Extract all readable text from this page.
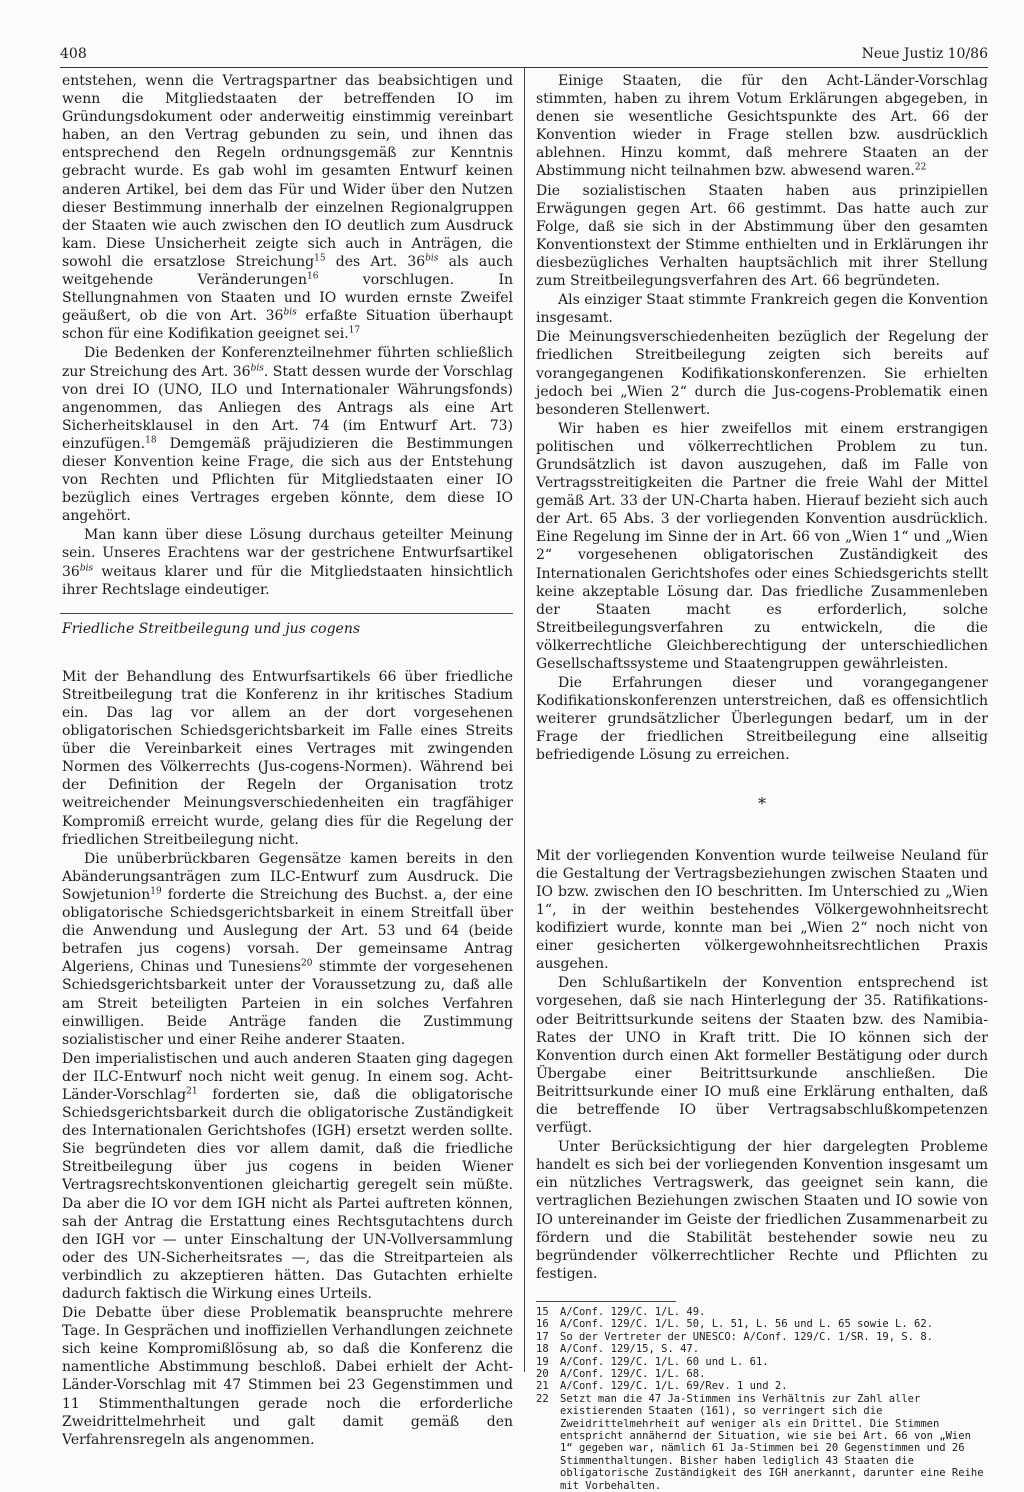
408	Neue Justiz 10/86

entstehen, wenn die Vertragspartner das beabsichtigen und wenn die Mitgliedstaaten der betreffenden IO im Gründungsdokument oder anderweitig einstimmig vereinbart haben, an den Vertrag gebunden zu sein, und ihnen das entsprechend den Regeln ordnungsgemäß zur Kenntnis gebracht wurde. Es gab wohl im gesamten Entwurf keinen anderen Artikel, bei dem das Für und Wider über den Nutzen dieser Bestimmung innerhalb der einzelnen Regionalgruppen der Staaten wie auch zwischen den IO deutlich zum Ausdruck kam. Diese Unsicherheit zeigte sich auch in Anträgen, die sowohl die ersatzlose Streichung$^{15}$ des Art. $36^{bis}$ als auch weitgehende Veränderungen$^{16}$ vorschlugen. In Stellungnahmen von Staaten und IO wurden ernste Zweifel geäußert, ob die von Art. $36^{bis}$ erfaßte Situation überhaupt schon für eine Kodifikation geeignet sei.$^{17}$

Die Bedenken der Konferenzteilnehmer führten schließlich zur Streichung des Art. $36^{bis}$. Statt dessen wurde der Vorschlag von drei IO (UNO, ILO und Internationaler Währungsfonds) angenommen, das Anliegen des Antrags als eine Art Sicherheitsklausel in den Art. 74 (im Entwurf Art. 73) einzufügen.$^{18}$ Demgemäß präjudizieren die Bestimmungen dieser Konvention keine Frage, die sich aus der Entstehung von Rechten und Pflichten für Mitgliedstaaten einer IO bezüglich eines Vertrages ergeben könnte, dem diese IO angehört.

Man kann über diese Lösung durchaus geteilter Meinung sein. Unseres Erachtens war der gestrichene Entwurfsartikel $36^{bis}$ weitaus klarer und für die Mitgliedstaaten hinsichtlich ihrer Rechtslage eindeutiger.

Friedliche Streitbeilegung und jus cogens

Mit der Behandlung des Entwurfsartikels 66 über friedliche Streitbeilegung trat die Konferenz in ihr kritisches Stadium ein. Das lag vor allem an der dort vorgesehenen obligatorischen Schiedsgerichtsbarkeit im Falle eines Streits über die Vereinbarkeit eines Vertrages mit zwingenden Normen des Völkerrechts (Jus-cogens-Normen). Während bei der Definition der Regeln der Organisation trotz weitreichender Meinungsverschiedenheiten ein tragfähiger Kompromiß erreicht wurde, gelang dies für die Regelung der friedlichen Streitbeilegung nicht.

Die unüberbrückbaren Gegensätze kamen bereits in den Abänderungsanträgen zum ILC-Entwurf zum Ausdruck. Die Sowjetunion$^{19}$ forderte die Streichung des Buchst. a, der eine obligatorische Schiedsgerichtsbarkeit in einem Streitfall über die Anwendung und Auslegung der Art. 53 und 64 (beide betrafen jus cogens) vorsah. Der gemeinsame Antrag Algeriens, Chinas und Tunesiens$^{20}$ stimmte der vorgesehenen Schiedsgerichtsbarkeit unter der Voraussetzung zu, daß alle am Streit beteiligten Parteien in ein solches Verfahren einwilligen. Beide Anträge fanden die Zustimmung sozialistischer und einer Reihe anderer Staaten.

Den imperialistischen und auch anderen Staaten ging dagegen der ILC-Entwurf noch nicht weit genug. In einem sog. Acht-Länder-Vorschlag$^{21}$ forderten sie, daß die obligatorische Schiedsgerichtsbarkeit durch die obligatorische Zuständigkeit des Internationalen Gerichtshofes (IGH) ersetzt werden sollte. Sie begründeten dies vor allem damit, daß die friedliche Streitbeilegung über jus cogens in beiden Wiener Vertragsrechtskonventionen gleichartig geregelt sein müßte. Da aber die IO vor dem IGH nicht als Partei auftreten können, sah der Antrag die Erstattung eines Rechtsgutachtens durch den IGH vor — unter Einschaltung der UN-Vollversammlung oder des UN-Sicherheitsrates —, das die Streitparteien als verbindlich zu akzeptieren hätten. Das Gutachten erhielte dadurch faktisch die Wirkung eines Urteils.

Die Debatte über diese Problematik beanspruchte mehrere Tage. In Gesprächen und inoffiziellen Verhandlungen zeichnete sich keine Kompromißlösung ab, so daß die Konferenz die namentliche Abstimmung beschloß. Dabei erhielt der Acht-Länder-Vorschlag mit 47 Stimmen bei 23 Gegenstimmen und 11 Stimmenthaltungen gerade noch die erforderliche Zweidrittelmehrheit und galt damit gemäß den Verfahrensregeln als angenommen.

Einige Staaten, die für den Acht-Länder-Vorschlag stimmten, haben zu ihrem Votum Erklärungen abgegeben, in denen sie wesentliche Gesichtspunkte des Art. 66 der Konvention wieder in Frage stellen bzw. ausdrücklich ablehnen. Hinzu kommt, daß mehrere Staaten an der Abstimmung nicht teilnahmen bzw. abwesend waren.$^{22}$

Die sozialistischen Staaten haben aus prinzipiellen Erwägungen gegen Art. 66 gestimmt. Das hatte auch zur Folge, daß sie sich in der Abstimmung über den gesamten Konventionstext der Stimme enthielten und in Erklärungen ihr diesbezügliches Verhalten hauptsächlich mit ihrer Stellung zum Streitbeilegungsverfahren des Art. 66 begründeten.

Als einziger Staat stimmte Frankreich gegen die Konvention insgesamt.

Die Meinungsverschiedenheiten bezüglich der Regelung der friedlichen Streitbeilegung zeigten sich bereits auf vorangegangenen Kodifikationskonferenzen. Sie erhielten jedoch bei „Wien 2“ durch die Jus-cogens-Problematik einen besonderen Stellenwert.

Wir haben es hier zweifellos mit einem erstrangigen politischen und völkerrechtlichen Problem zu tun. Grundsätzlich ist davon auszugehen, daß im Falle von Vertragsstreitigkeiten die Partner die freie Wahl der Mittel gemäß Art. 33 der UN-Charta haben. Hierauf bezieht sich auch der Art. 65 Abs. 3 der vorliegenden Konvention ausdrücklich. Eine Regelung im Sinne der in Art. 66 von „Wien 1“ und „Wien 2“ vorgesehenen obligatorischen Zuständigkeit des Internationalen Gerichtshofes oder eines Schiedsgerichts stellt keine akzeptable Lösung dar. Das friedliche Zusammenleben der Staaten macht es erforderlich, solche Streitbeilegungsverfahren zu entwickeln, die die völkerrechtliche Gleichberechtigung der unterschiedlichen Gesellschaftssysteme und Staatengruppen gewährleisten.

Die Erfahrungen dieser und vorangegangener Kodifikationskonferenzen unterstreichen, daß es offensichtlich weiterer grundsätzlicher Überlegungen bedarf, um in der Frage der friedlichen Streitbeilegung eine allseitig befriedigende Lösung zu erreichen.

*

Mit der vorliegenden Konvention wurde teilweise Neuland für die Gestaltung der Vertragsbeziehungen zwischen Staaten und IO bzw. zwischen den IO beschritten. Im Unterschied zu „Wien 1“, in der weithin bestehendes Völkergewohnheitsrecht kodifiziert wurde, konnte man bei „Wien 2“ noch nicht von einer gesicherten völkergewohnheitsrechtlichen Praxis ausgehen.

Den Schlußartikeln der Konvention entsprechend ist vorgesehen, daß sie nach Hinterlegung der 35. Ratifikations- oder Beitrittsurkunde seitens der Staaten bzw. des Namibia-Rates der UNO in Kraft tritt. Die IO können sich der Konvention durch einen Akt formeller Bestätigung oder durch Übergabe einer Beitrittsurkunde anschließen. Die Beitrittsurkunde einer IO muß eine Erklärung enthalten, daß die betreffende IO über Vertragsabschlußkompetenzen verfügt.

Unter Berücksichtigung der hier dargelegten Probleme handelt es sich bei der vorliegenden Konvention insgesamt um ein nützliches Vertragswerk, das geeignet sein kann, die vertraglichen Beziehungen zwischen Staaten und IO sowie von IO untereinander im Geiste der friedlichen Zusammenarbeit zu fördern und die Stabilität bestehender sowie neu zu begründender völkerrechtlicher Rechte und Pflichten zu festigen.

15	A/Conf. 129/C. 1/L. 49.
16	A/Conf. 129/C. 1/L. 50, L. 51, L. 56 und L. 65 sowie L. 62.
17	So der Vertreter der UNESCO: A/Conf. 129/C. 1/SR. 19, S. 8.
18	A/Conf. 129/15, S. 47.
19	A/Conf. 129/C. 1/L. 60 und L. 61.
20	A/Conf. 129/C. 1/L. 68.
21	A/Conf. 129/C. 1/L. 69/Rev. 1 und 2.
22	Setzt man die 47 Ja-Stimmen ins Verhältnis zur Zahl aller existierenden Staaten (161), so verringert sich die Zweidrittelmehrheit auf weniger als ein Drittel. Die Stimmen entspricht annähernd der Situation, wie sie bei Art. 66 von „Wien 1“ gegeben war, nämlich 61 Ja-Stimmen bei 20 Gegenstimmen und 26 Stimmenthaltungen. Bisher haben lediglich 43 Staaten die obligatorische Zuständigkeit des IGH anerkannt, darunter eine Reihe mit Vorbehalten.
